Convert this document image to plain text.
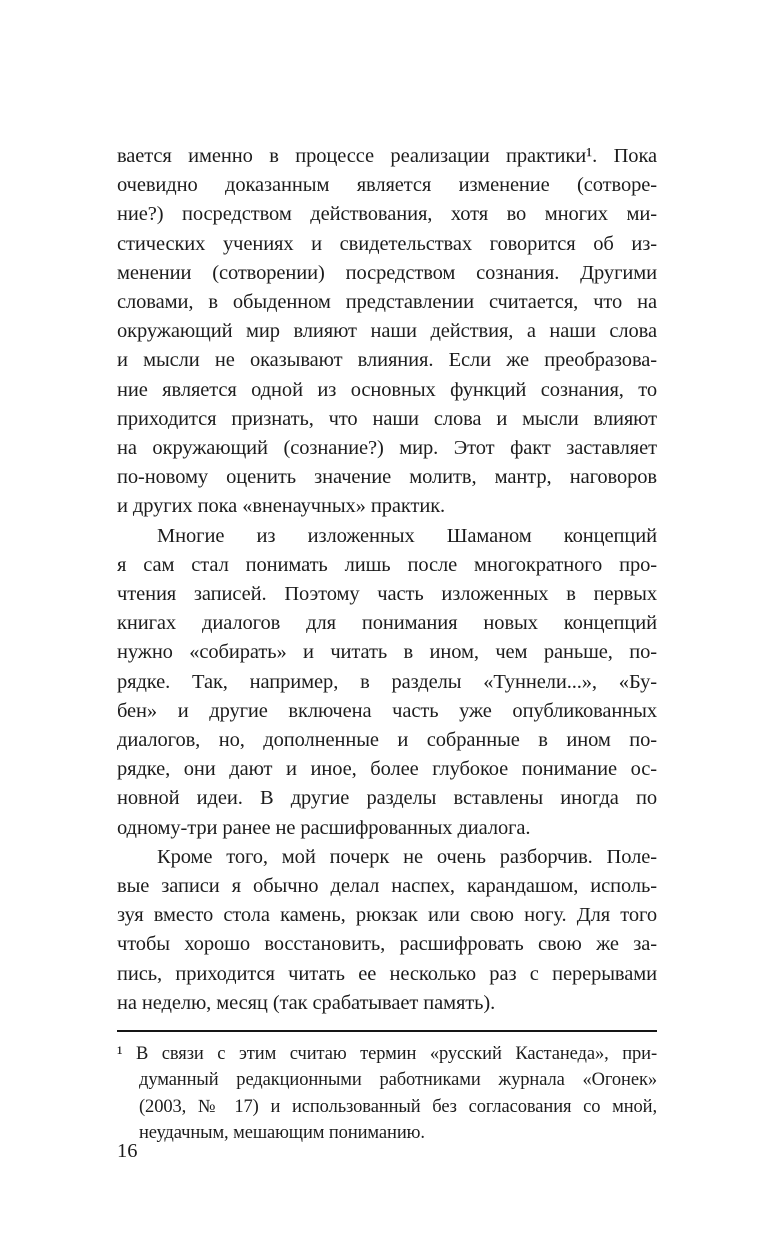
вается именно в процессе реализации практики¹. Пока
очевидно доказанным является изменение (сотворе-
ние?) посредством действования, хотя во многих ми-
стических учениях и свидетельствах говорится об из-
менении (сотворении) посредством сознания. Другими
словами, в обыденном представлении считается, что на
окружающий мир влияют наши действия, а наши слова
и мысли не оказывают влияния. Если же преобразова-
ние является одной из основных функций сознания, то
приходится признать, что наши слова и мысли влияют
на окружающий (сознание?) мир. Этот факт заставляет
по-новому оценить значение молитв, мантр, наговоров
и других пока «вненаучных» практик.
Многие из изложенных Шаманом концепций
я сам стал понимать лишь после многократного про-
чтения записей. Поэтому часть изложенных в первых
книгах диалогов для понимания новых концепций
нужно «собирать» и читать в ином, чем раньше, по-
рядке. Так, например, в разделы «Туннели...», «Бу-
бен» и другие включена часть уже опубликованных
диалогов, но, дополненные и собранные в ином по-
рядке, они дают и иное, более глубокое понимание ос-
новной идеи. В другие разделы вставлены иногда по
одному-три ранее не расшифрованных диалога.
Кроме того, мой почерк не очень разборчив. Поле-
вые записи я обычно делал наспех, карандашом, исполь-
зуя вместо стола камень, рюкзак или свою ногу. Для того
чтобы хорошо восстановить, расшифровать свою же за-
пись, приходится читать ее несколько раз с перерывами
на неделю, месяц (так срабатывает память).
¹ В связи с этим считаю термин «русский Кастанеда», при-
думанный редакционными работниками журнала «Огонек»
(2003, № 17) и использованный без согласования со мной,
неудачным, мешающим пониманию.
16
